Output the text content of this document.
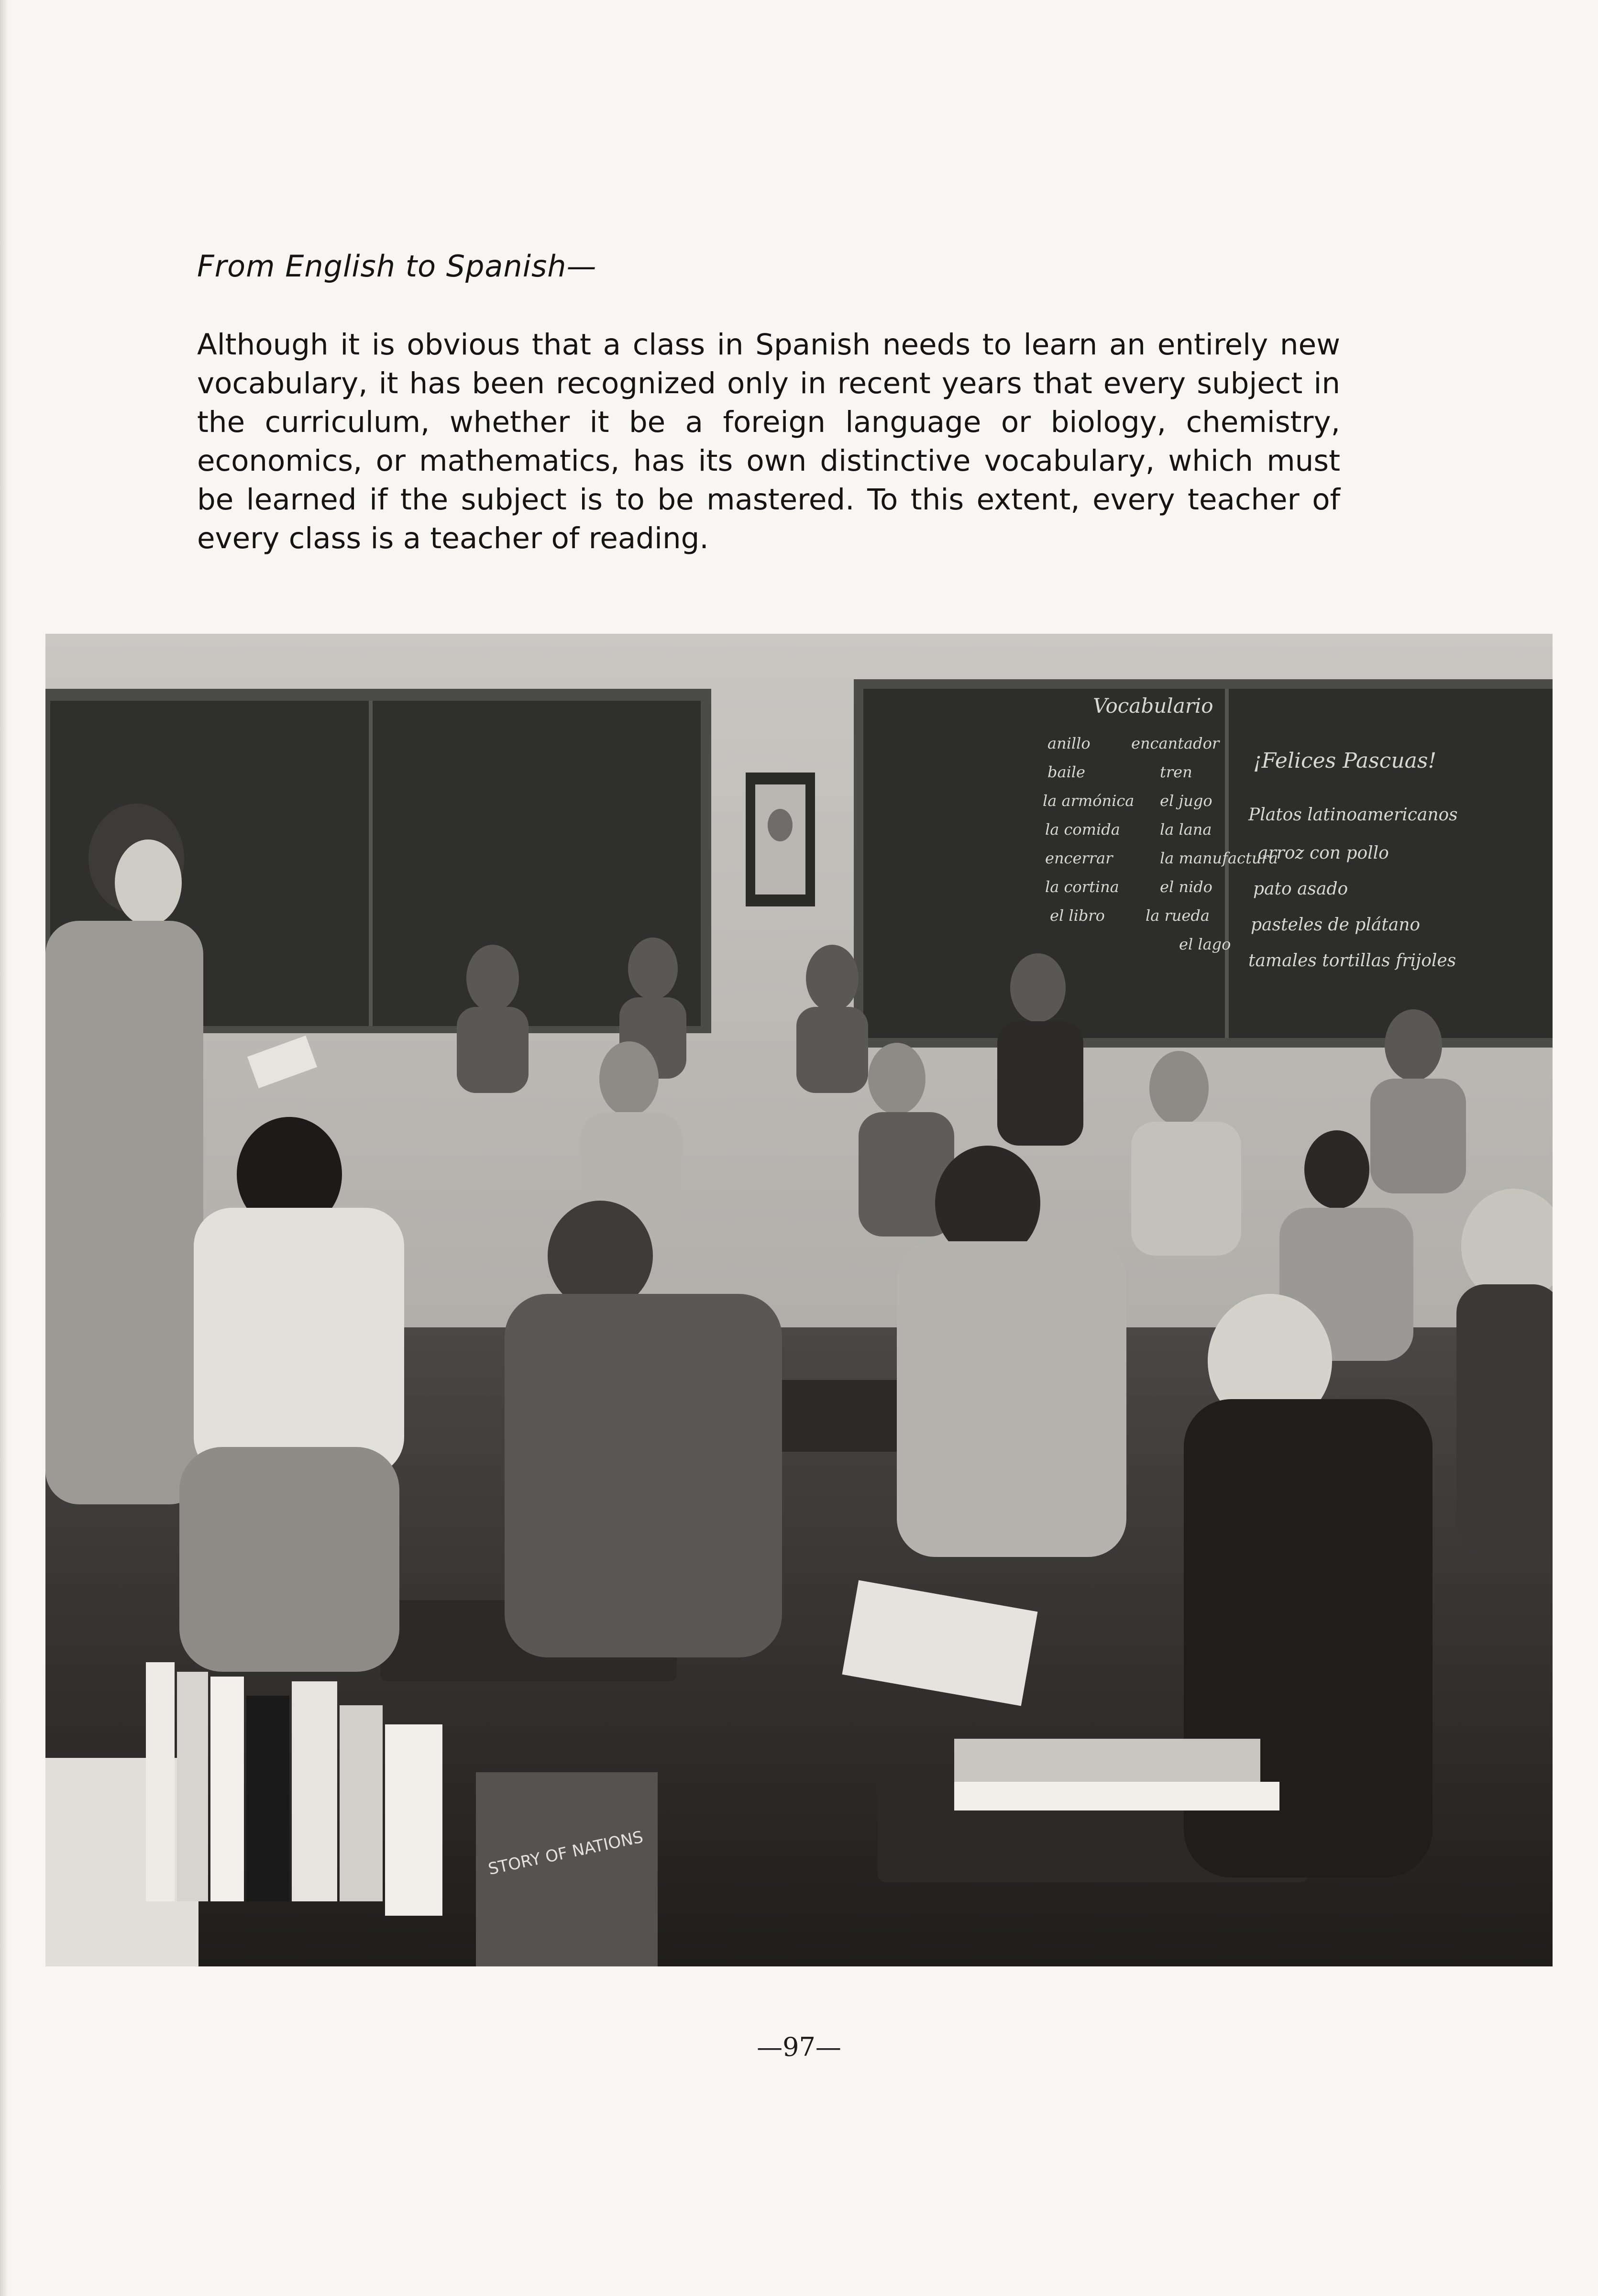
From English to Spanish—

Although it is obvious that a class in Spanish needs to learn an entirely new vocabulary, it has been recognized only in recent years that every subject in the curriculum, whether it be a foreign language or biology, chemistry, economics, or mathematics, has its own distinctive vocabulary, which must be learned if the subject is to be mastered. To this extent, every teacher of every class is a teacher of reading.

Vocabulario
anillo
baile
la armónica
la comida
encerrar
la cortina
el libro
encantador
tren
el jugo
la lana
la manufactura
el nido
la rueda
el lago
¡Felices Pascuas!
Platos latinoamericanos
arroz con pollo
pato asado
pasteles de plátano
tamales tortillas frijoles
STORY OF NATIONS
—97—
